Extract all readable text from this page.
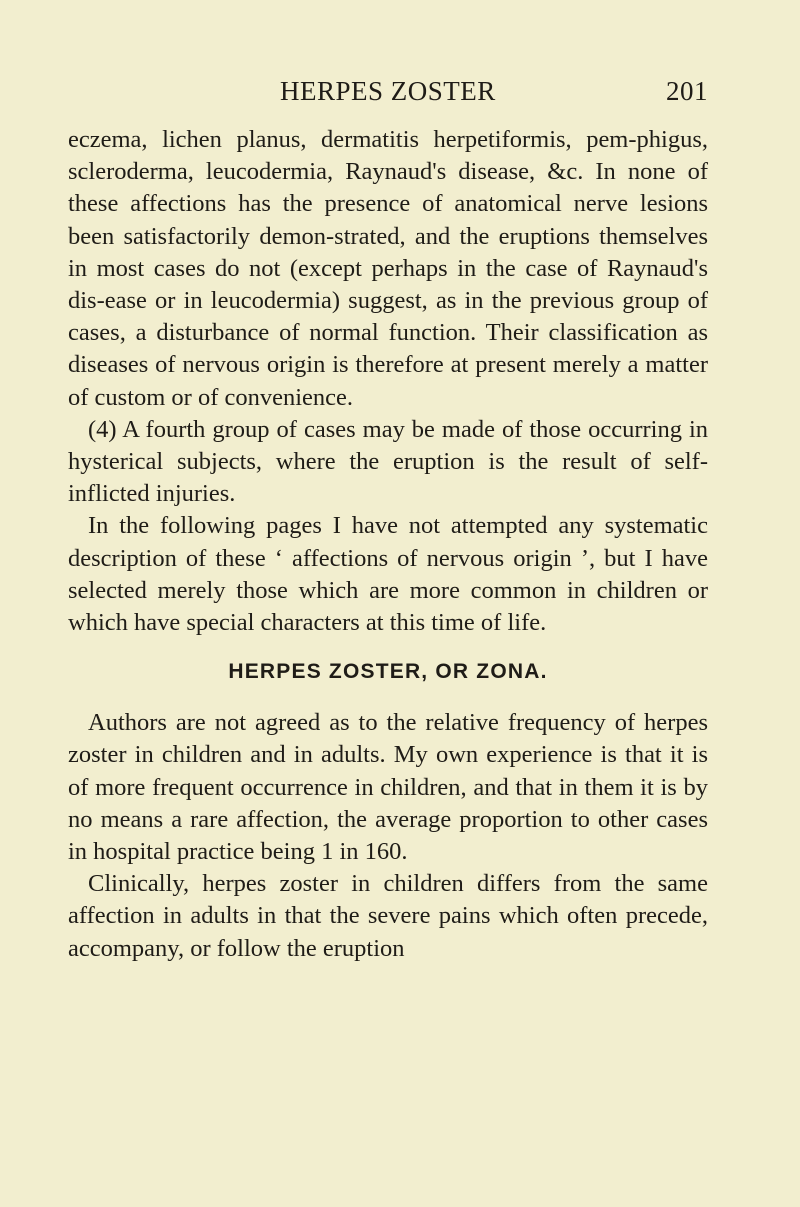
HERPES ZOSTER	201

eczema, lichen planus, dermatitis herpetiformis, pem-phigus, scleroderma, leucodermia, Raynaud's disease, &c. In none of these affections has the presence of anatomical nerve lesions been satisfactorily demon-strated, and the eruptions themselves in most cases do not (except perhaps in the case of Raynaud's dis-ease or in leucodermia) suggest, as in the previous group of cases, a disturbance of normal function. Their classification as diseases of nervous origin is therefore at present merely a matter of custom or of convenience.

(4) A fourth group of cases may be made of those occurring in hysterical subjects, where the eruption is the result of self-inflicted injuries.

In the following pages I have not attempted any systematic description of these ‘ affections of nervous origin ’, but I have selected merely those which are more common in children or which have special characters at this time of life.

HERPES ZOSTER, OR ZONA.

Authors are not agreed as to the relative frequency of herpes zoster in children and in adults. My own experience is that it is of more frequent occurrence in children, and that in them it is by no means a rare affection, the average proportion to other cases in hospital practice being 1 in 160.

Clinically, herpes zoster in children differs from the same affection in adults in that the severe pains which often precede, accompany, or follow the eruption
